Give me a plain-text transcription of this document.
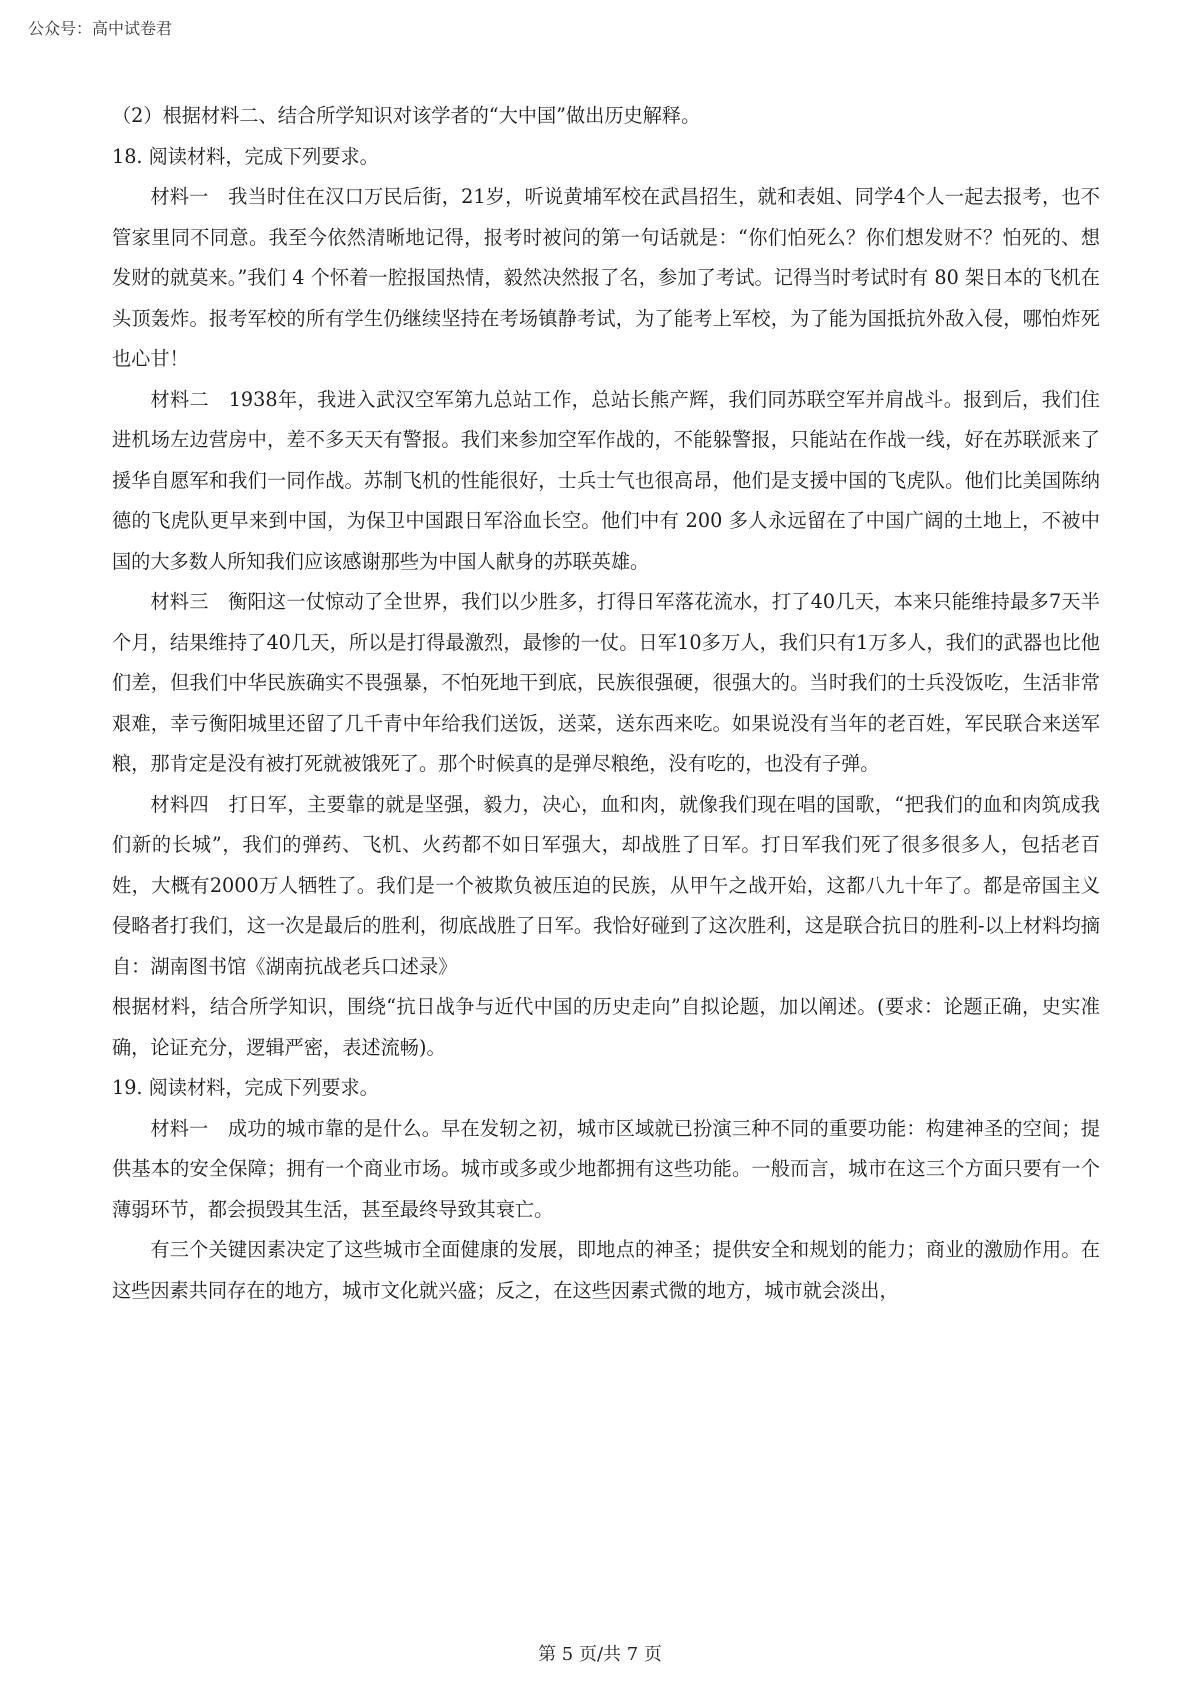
公众号：高中试卷君

（2）根据材料二、结合所学知识对该学者的“大中国”做出历史解释。

18. 阅读材料，完成下列要求。

材料一　我当时住在汉口万民后街，21岁，听说黄埔军校在武昌招生，就和表姐、同学4个人一起去报考，也不管家里同不同意。我至今依然清晰地记得，报考时被问的第一句话就是：“你们怕死么？你们想发财不？怕死的、想发财的就莫来。”我们 4 个怀着一腔报国热情，毅然决然报了名，参加了考试。记得当时考试时有 80 架日本的飞机在头顶轰炸。报考军校的所有学生仍继续坚持在考场镇静考试，为了能考上军校，为了能为国抵抗外敌入侵，哪怕炸死也心甘！

材料二　1938年，我进入武汉空军第九总站工作，总站长熊产辉，我们同苏联空军并肩战斗。报到后，我们住进机场左边营房中，差不多天天有警报。我们来参加空军作战的，不能躲警报，只能站在作战一线，好在苏联派来了援华自愿军和我们一同作战。苏制飞机的性能很好，士兵士气也很高昂，他们是支援中国的飞虎队。他们比美国陈纳德的飞虎队更早来到中国，为保卫中国跟日军浴血长空。他们中有 200 多人永远留在了中国广阔的土地上，不被中国的大多数人所知我们应该感谢那些为中国人献身的苏联英雄。

材料三　衡阳这一仗惊动了全世界，我们以少胜多，打得日军落花流水，打了40几天，本来只能维持最多7天半个月，结果维持了40几天，所以是打得最激烈，最惨的一仗。日军10多万人，我们只有1万多人，我们的武器也比他们差，但我们中华民族确实不畏强暴，不怕死地干到底，民族很强硬，很强大的。当时我们的士兵没饭吃，生活非常艰难，幸亏衡阳城里还留了几千青中年给我们送饭，送菜，送东西来吃。如果说没有当年的老百姓，军民联合来送军粮，那肯定是没有被打死就被饿死了。那个时候真的是弹尽粮绝，没有吃的，也没有子弹。

材料四　打日军，主要靠的就是坚强，毅力，决心，血和肉，就像我们现在唱的国歌，“把我们的血和肉筑成我们新的长城”，我们的弹药、飞机、火药都不如日军强大，却战胜了日军。打日军我们死了很多很多人，包括老百姓，大概有2000万人牺牲了。我们是一个被欺负被压迫的民族，从甲午之战开始，这都八九十年了。都是帝国主义侵略者打我们，这一次是最后的胜利，彻底战胜了日军。我恰好碰到了这次胜利，这是联合抗日的胜利-以上材料均摘自：湖南图书馆《湖南抗战老兵口述录》

根据材料，结合所学知识，围绕“抗日战争与近代中国的历史走向”自拟论题，加以阐述。(要求：论题正确，史实准确，论证充分，逻辑严密，表述流畅)。

19. 阅读材料，完成下列要求。

材料一　成功的城市靠的是什么。早在发轫之初，城市区域就已扮演三种不同的重要功能：构建神圣的空间；提供基本的安全保障；拥有一个商业市场。城市或多或少地都拥有这些功能。一般而言，城市在这三个方面只要有一个薄弱环节，都会损毁其生活，甚至最终导致其衰亡。

有三个关键因素决定了这些城市全面健康的发展，即地点的神圣；提供安全和规划的能力；商业的激励作用。在这些因素共同存在的地方，城市文化就兴盛；反之，在这些因素式微的地方，城市就会淡出，

第 5 页/共 7 页
